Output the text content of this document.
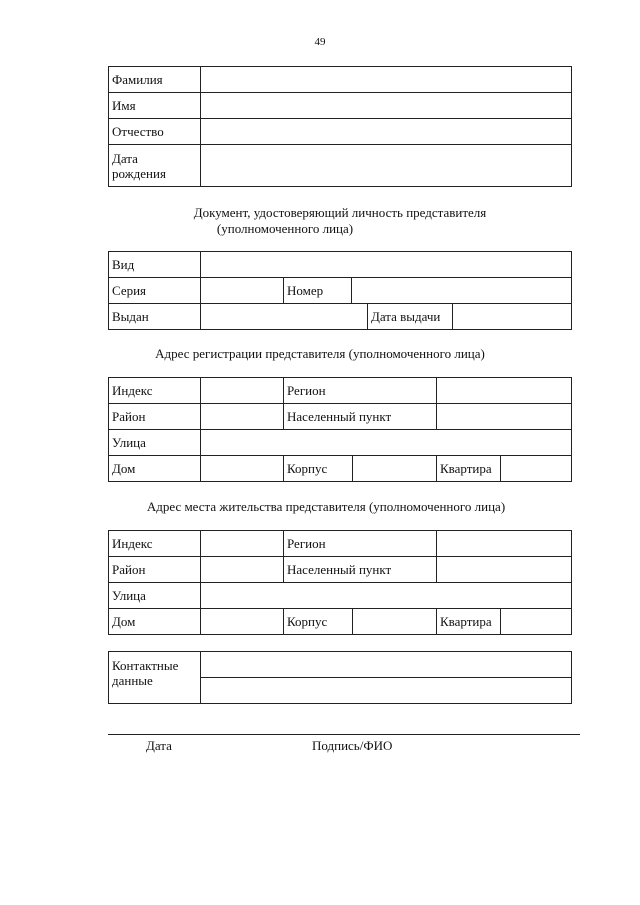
49
Фамилия	
Имя	
Отчество	
Дата
рождения	
Документ, удостоверяющий личность представителя
(уполномоченного лица)
Вид					
Серия		Номер			
Выдан				Дата выдачи	
Адрес регистрации представителя (уполномоченного лица)
Индекс		Регион			
Район		Населенный пункт			
Улица					
Дом		Корпус		Квартира	
Адрес места жительства представителя (уполномоченного лица)
Индекс		Регион			
Район		Населенный пункт			
Улица					
Дом		Корпус		Квартира	
Контактные
данные	

Дата	Подпись/ФИО
